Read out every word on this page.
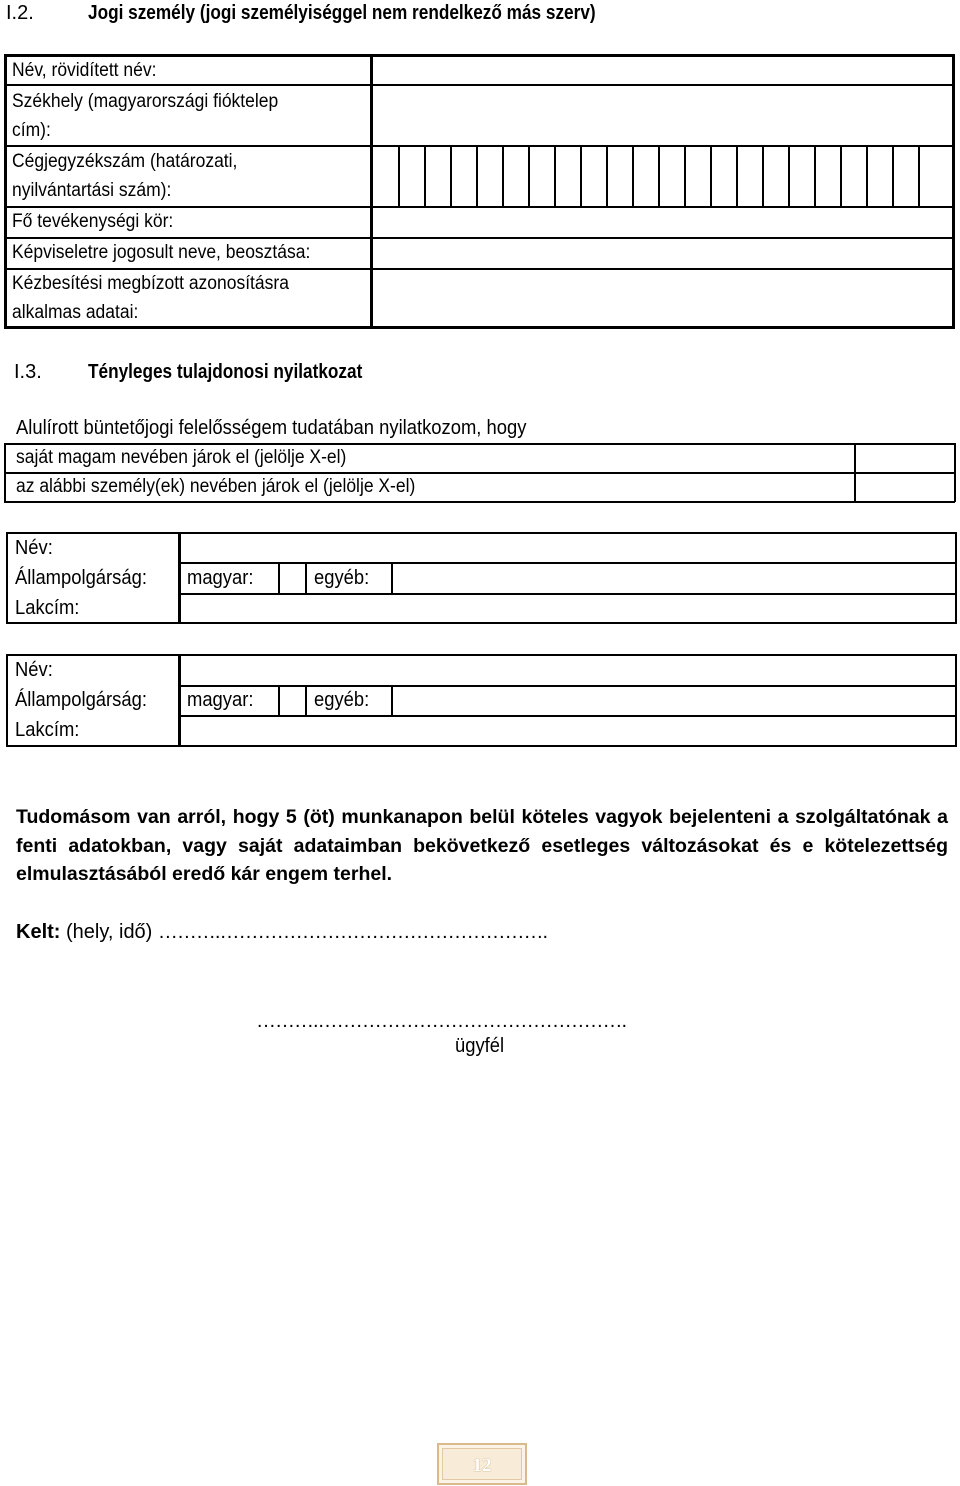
I.2.	Jogi személy (jogi személyiséggel nem rendelkező más szerv)
Név, rövidített név:
Székhely (magyarországi fióktelep
cím):
Cégjegyzékszám (határozati,
nyilvántartási szám):
Fő tevékenységi kör:
Képviseletre jogosult neve, beosztása:
Kézbesítési megbízott azonosításra
alkalmas adatai:
I.3. Tényleges tulajdonosi nyilatkozat
Alulírott büntetőjogi felelősségem tudatában nyilatkozom, hogy
saját magam nevében járok el (jelölje X-el)
az alábbi személy(ek) nevében járok el (jelölje X-el)
Név:
Állampolgárság: magyar:	egyéb:
Lakcím:
Név:
Állampolgárság: magyar:	egyéb:
Lakcím:
Tudomásom van arról, hogy 5 (öt) munkanapon belül köteles vagyok bejelenteni a szolgáltatónak a fenti adatokban, vagy saját adataimban bekövetkező esetleges változásokat és e kötelezettség elmulasztásából eredő kár engem terhel.
Kelt: (hely, idő) ……….…………………………………………….
……….………………………………………….
ügyfél
12
